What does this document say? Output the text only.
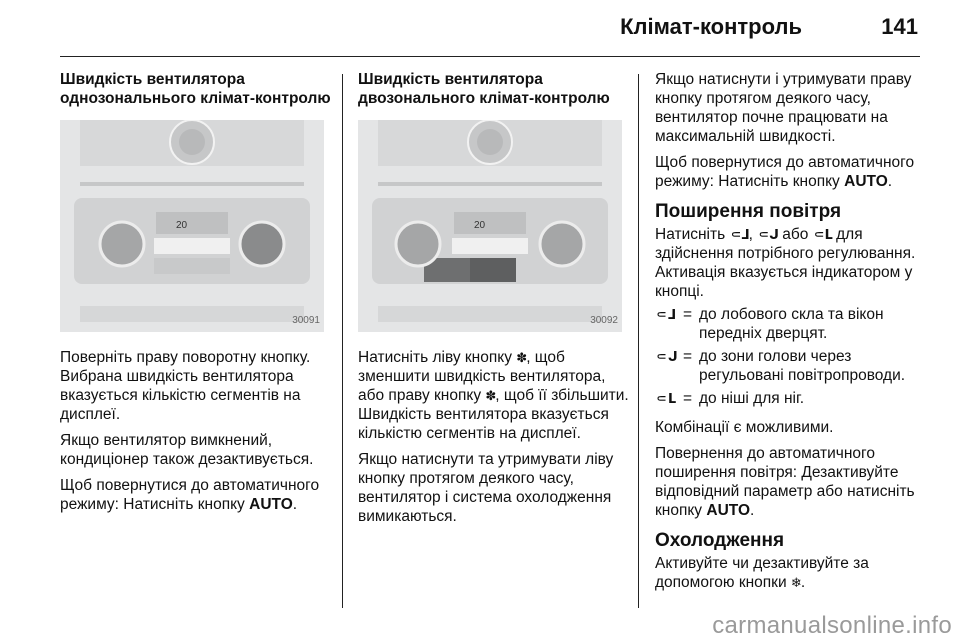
Клімат-контроль	141
Швидкість вентилятора однозональнього клімат-контролю
20
30091

Поверніть праву поворотну кнопку. Вибрана швидкість вентилятора вказується кількістю сегментів на дисплеї.

Якщо вентилятор вимкнений, кондиціонер також дезактивується.

Щоб повернутися до автоматичного режиму: Натисніть кнопку AUTO.

Швидкість вентилятора двозонального клімат-контролю
20
30092

Натисніть ліву кнопку ✽, щоб зменшити швидкість вентилятора, або праву кнопку ✽, щоб її збільшити. Швидкість вентилятора вказується кількістю сегментів на дисплеї.

Якщо натиснути та утримувати ліву кнопку протягом деякого часу, вентилятор і система охолодження вимикаються.

Якщо натиснути і утримувати праву кнопку протягом деякого часу, вентилятор почне працювати на максимальній швидкості.

Щоб повернутися до автоматичного режиму: Натисніть кнопку AUTO.

Поширення повітря

Натисніть ⸦ᒧ, ⸦ᒍ або ⸦ᒪ для здійснення потрібного регулювання. Активація вказується індикатором у кнопці.

⸦ᒧ = до лобового скла та вікон передніх дверцят.
⸦ᒍ = до зони голови через регульовані повітропроводи.
⸦ᒪ = до ніші для ніг.

Комбінації є можливими.

Повернення до автоматичного поширення повітря: Дезактивуйте відповідний параметр або натисніть кнопку AUTO.

Охолодження

Активуйте чи дезактивуйте за допомогою кнопки ❄.

carmanualsonline.info
